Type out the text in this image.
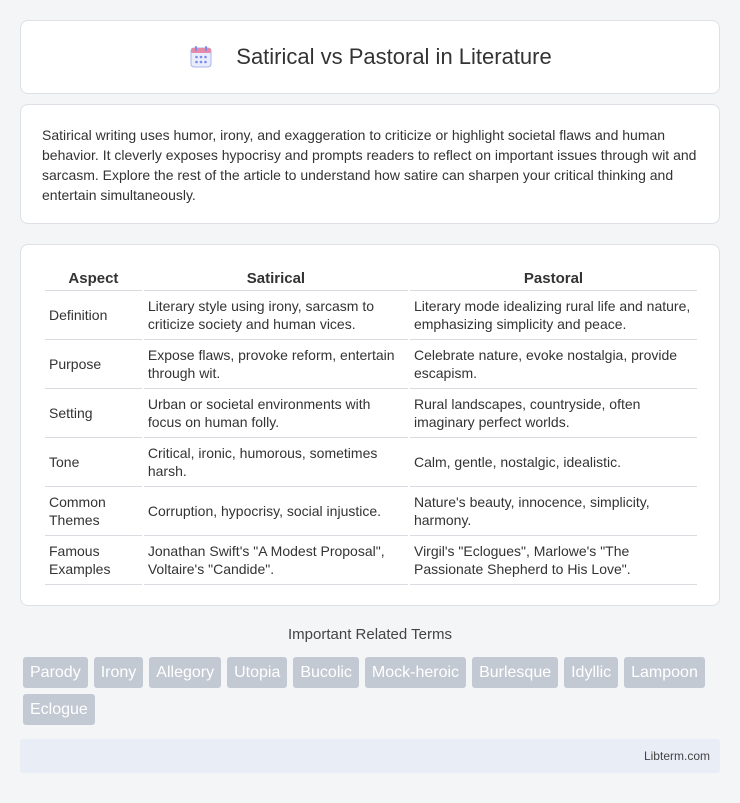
Satirical vs Pastoral in Literature

Satirical writing uses humor, irony, and exaggeration to criticize or highlight societal flaws and human behavior. It cleverly exposes hypocrisy and prompts readers to reflect on important issues through wit and sarcasm. Explore the rest of the article to understand how satire can sharpen your critical thinking and entertain simultaneously.

Aspect	Satirical	Pastoral
Definition	Literary style using irony, sarcasm to criticize society and human vices.	Literary mode idealizing rural life and nature, emphasizing simplicity and peace.
Purpose	Expose flaws, provoke reform, entertain through wit.	Celebrate nature, evoke nostalgia, provide escapism.
Setting	Urban or societal environments with focus on human folly.	Rural landscapes, countryside, often imaginary perfect worlds.
Tone	Critical, ironic, humorous, sometimes harsh.	Calm, gentle, nostalgic, idealistic.
Common Themes	Corruption, hypocrisy, social injustice.	Nature's beauty, innocence, simplicity, harmony.
Famous Examples	Jonathan Swift's "A Modest Proposal", Voltaire's "Candide".	Virgil's "Eclogues", Marlowe's "The Passionate Shepherd to His Love".
Important Related Terms
Parody	Irony	Allegory	Utopia	Bucolic	Mock-heroic	Burlesque	Idyllic	Lampoon
Eclogue
Libterm.com
